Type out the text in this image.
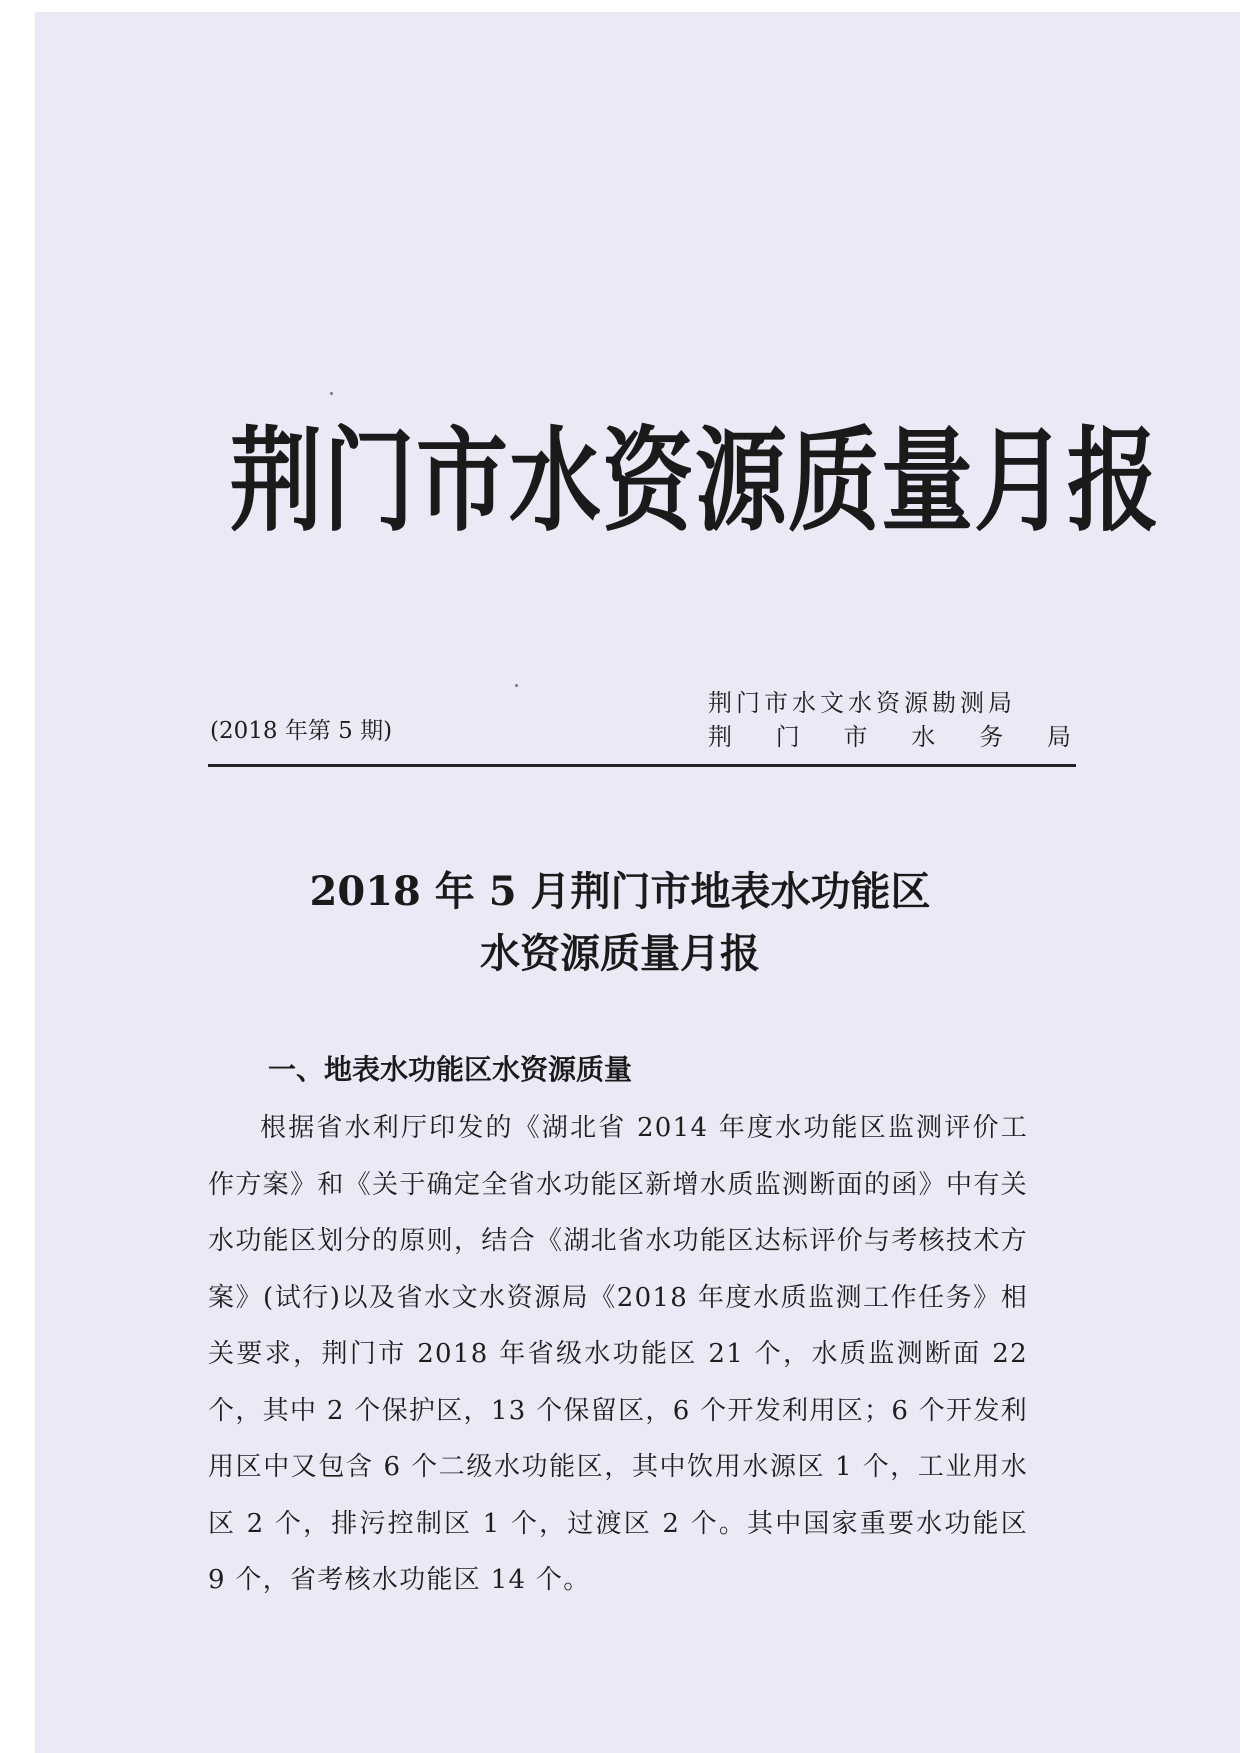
荆门市水资源质量月报
(2018 年第 5 期)
荆门市水文水资源勘测局
荆 门 市 水 务 局
2018 年 5 月荆门市地表水功能区
水资源质量月报
一、地表水功能区水资源质量

根据省水利厅印发的《湖北省 2014 年度水功能区监测评价工作方案》和《关于确定全省水功能区新增水质监测断面的函》中有关水功能区划分的原则，结合《湖北省水功能区达标评价与考核技术方案》(试行)以及省水文水资源局《2018 年度水质监测工作任务》相关要求，荆门市 2018 年省级水功能区 21 个，水质监测断面 22 个，其中 2 个保护区，13 个保留区，6 个开发利用区；6 个开发利用区中又包含 6 个二级水功能区，其中饮用水源区 1 个，工业用水区 2 个，排污控制区 1 个，过渡区 2 个。其中国家重要水功能区 9 个，省考核水功能区 14 个。
